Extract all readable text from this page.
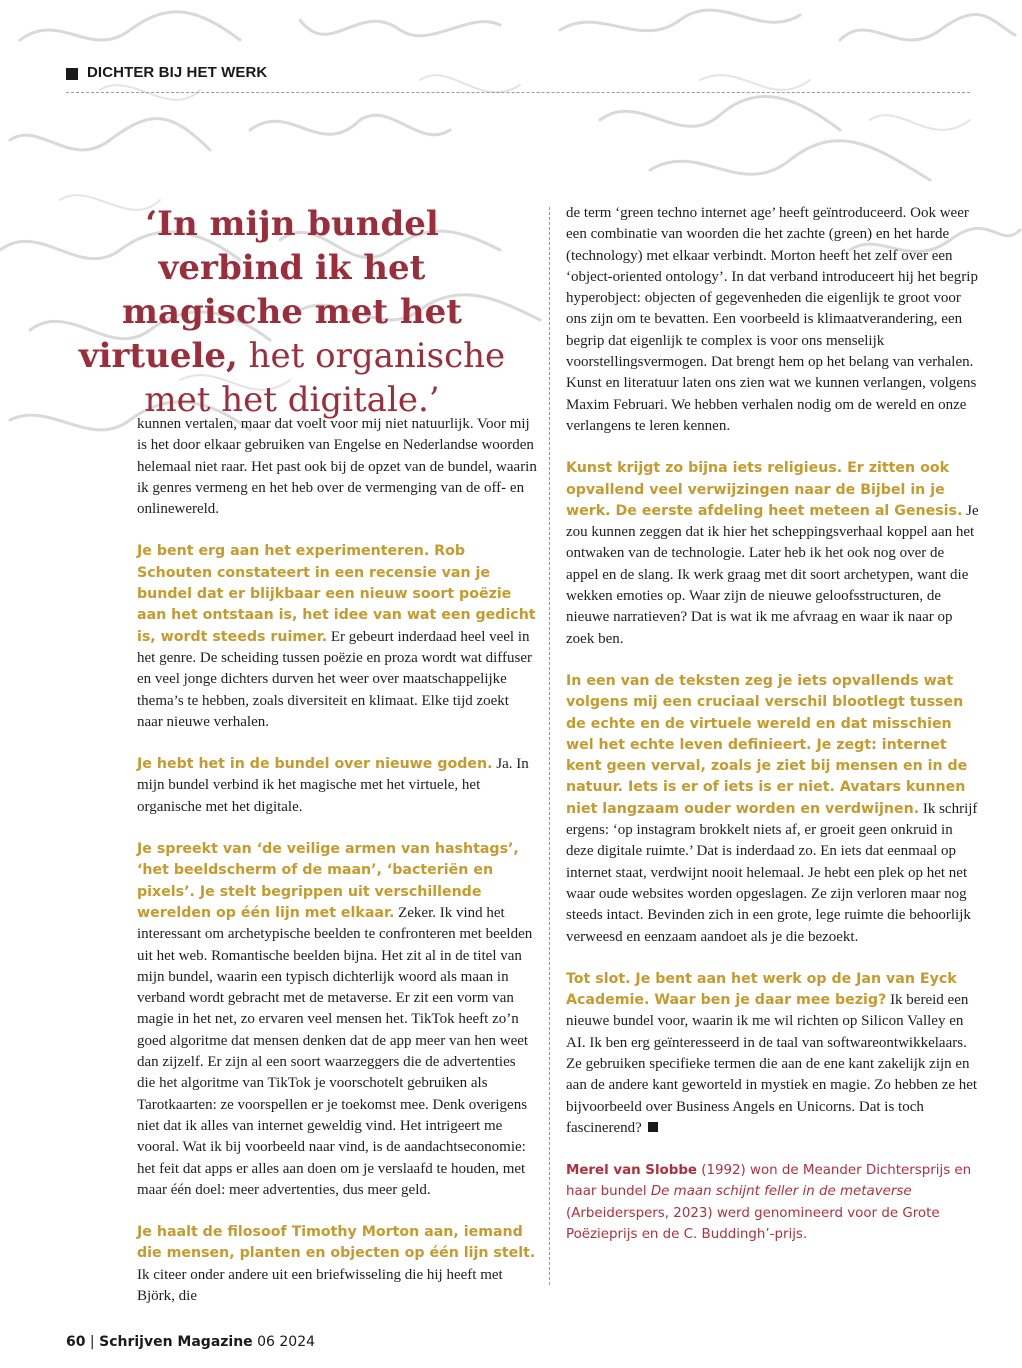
DICHTER BIJ HET WERK
‘In mijn bundel verbind ik het magische met het virtuele, het organische met het digitale.’

kunnen vertalen, maar dat voelt voor mij niet natuurlijk. Voor mij is het door elkaar gebruiken van Engelse en Nederlandse woorden helemaal niet raar. Het past ook bij de opzet van de bundel, waarin ik genres vermeng en het heb over de vermenging van de off- en onlinewereld.

Je bent erg aan het experimenteren. Rob Schouten constateert in een recensie van je bundel dat er blijkbaar een nieuw soort poëzie aan het ontstaan is, het idee van wat een gedicht is, wordt steeds ruimer. Er gebeurt inderdaad heel veel in het genre. De scheiding tussen poëzie en proza wordt wat diffuser en veel jonge dichters durven het weer over maatschappelijke thema’s te hebben, zoals diversiteit en klimaat. Elke tijd zoekt naar nieuwe verhalen.

Je hebt het in de bundel over nieuwe goden. Ja. In mijn bundel verbind ik het magische met het virtuele, het organische met het digitale.

Je spreekt van ‘de veilige armen van hashtags’, ‘het beeldscherm of de maan’, ‘bacteriën en pixels’. Je stelt begrippen uit verschillende werelden op één lijn met elkaar. Zeker. Ik vind het interessant om archetypische beelden te confronteren met beelden uit het web. Romantische beelden bijna. Het zit al in de titel van mijn bundel, waarin een typisch dichterlijk woord als maan in verband wordt gebracht met de metaverse. Er zit een vorm van magie in het net, zo ervaren veel mensen het. TikTok heeft zo’n goed algoritme dat mensen denken dat de app meer van hen weet dan zijzelf. Er zijn al een soort waarzeggers die de advertenties die het algoritme van TikTok je voorschotelt gebruiken als Tarotkaarten: ze voorspellen er je toekomst mee. Denk overigens niet dat ik alles van internet geweldig vind. Het intrigeert me vooral. Wat ik bij voorbeeld naar vind, is de aandachtseconomie: het feit dat apps er alles aan doen om je verslaafd te houden, met maar één doel: meer advertenties, dus meer geld.

Je haalt de filosoof Timothy Morton aan, iemand die mensen, planten en objecten op één lijn stelt. Ik citeer onder andere uit een briefwisseling die hij heeft met Björk, die

de term ‘green techno internet age’ heeft geïntroduceerd. Ook weer een combinatie van woorden die het zachte (green) en het harde (technology) met elkaar verbindt. Morton heeft het zelf over een ‘object-oriented ontology’. In dat verband introduceert hij het begrip hyperobject: objecten of gegevenheden die eigenlijk te groot voor ons zijn om te bevatten. Een voorbeeld is klimaatverandering, een begrip dat eigenlijk te complex is voor ons menselijk voorstellingsvermogen. Dat brengt hem op het belang van verhalen. Kunst en literatuur laten ons zien wat we kunnen verlangen, volgens Maxim Februari. We hebben verhalen nodig om de wereld en onze verlangens te leren kennen.

Kunst krijgt zo bijna iets religieus. Er zitten ook opvallend veel verwijzingen naar de Bijbel in je werk. De eerste afdeling heet meteen al Genesis. Je zou kunnen zeggen dat ik hier het scheppingsverhaal koppel aan het ontwaken van de technologie. Later heb ik het ook nog over de appel en de slang. Ik werk graag met dit soort archetypen, want die wekken emoties op. Waar zijn de nieuwe geloofsstructuren, de nieuwe narratieven? Dat is wat ik me afvraag en waar ik naar op zoek ben.

In een van de teksten zeg je iets opvallends wat volgens mij een cruciaal verschil blootlegt tussen de echte en de virtuele wereld en dat misschien wel het echte leven definieert. Je zegt: internet kent geen verval, zoals je ziet bij mensen en in de natuur. Iets is er of iets is er niet. Avatars kunnen niet langzaam ouder worden en verdwijnen. Ik schrijf ergens: ‘op instagram brokkelt niets af, er groeit geen onkruid in deze digitale ruimte.’ Dat is inderdaad zo. En iets dat eenmaal op internet staat, verdwijnt nooit helemaal. Je hebt een plek op het net waar oude websites worden opgeslagen. Ze zijn verloren maar nog steeds intact. Bevinden zich in een grote, lege ruimte die behoorlijk verweesd en eenzaam aandoet als je die bezoekt.

Tot slot. Je bent aan het werk op de Jan van Eyck Academie. Waar ben je daar mee bezig? Ik bereid een nieuwe bundel voor, waarin ik me wil richten op Silicon Valley en AI. Ik ben erg geïnteresseerd in de taal van softwareontwikkelaars. Ze gebruiken specifieke termen die aan de ene kant zakelijk zijn en aan de andere kant geworteld in mystiek en magie. Zo hebben ze het bijvoorbeeld over Business Angels en Unicorns. Dat is toch fascinerend?

Merel van Slobbe (1992) won de Meander Dichtersprijs en haar bundel De maan schijnt feller in de metaverse (Arbeiderspers, 2023) werd genomineerd voor de Grote Poëzieprijs en de C. Buddingh’-prijs.
60 | Schrijven Magazine 06 2024
